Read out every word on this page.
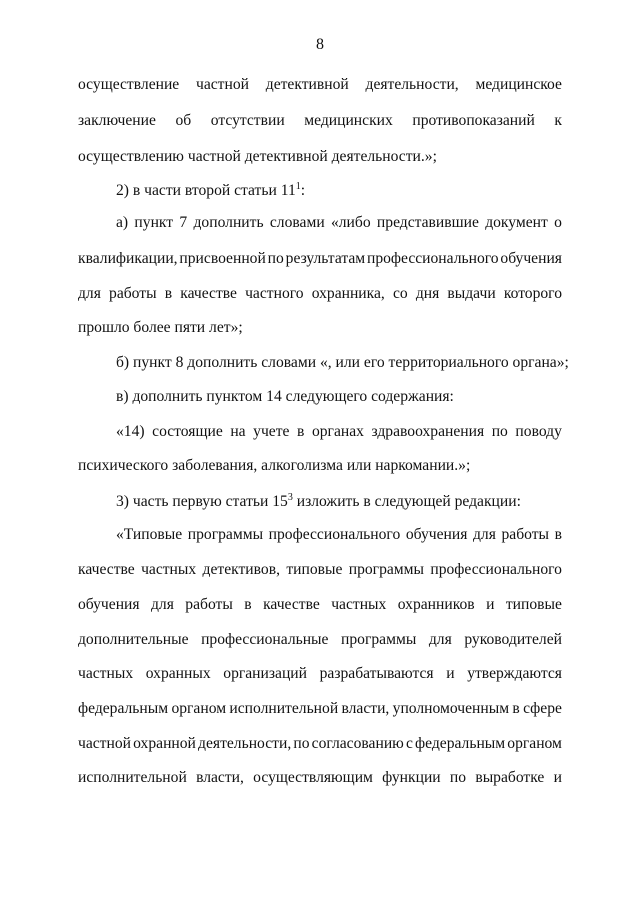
8
осуществление частной детективной деятельности, медицинское
заключение об отсутствии медицинских противопоказаний к
осуществлению частной детективной деятельности.»;
2) в части второй статьи $11^1$:
а) пункт 7 дополнить словами «либо представившие документ о
квалификации, присвоенной по результатам профессионального обучения
для работы в качестве частного охранника, со дня выдачи которого
прошло более пяти лет»;
б) пункт 8 дополнить словами «, или его территориального органа»;
в) дополнить пунктом 14 следующего содержания:
«14) состоящие на учете в органах здравоохранения по поводу
психического заболевания, алкоголизма или наркомании.»;
3) часть первую статьи $15^3$ изложить в следующей редакции:
«Типовые программы профессионального обучения для работы в
качестве частных детективов, типовые программы профессионального
обучения для работы в качестве частных охранников и типовые
дополнительные профессиональные программы для руководителей
частных охранных организаций разрабатываются и утверждаются
федеральным органом исполнительной власти, уполномоченным в сфере
частной охранной деятельности, по согласованию с федеральным органом
исполнительной власти, осуществляющим функции по выработке и
